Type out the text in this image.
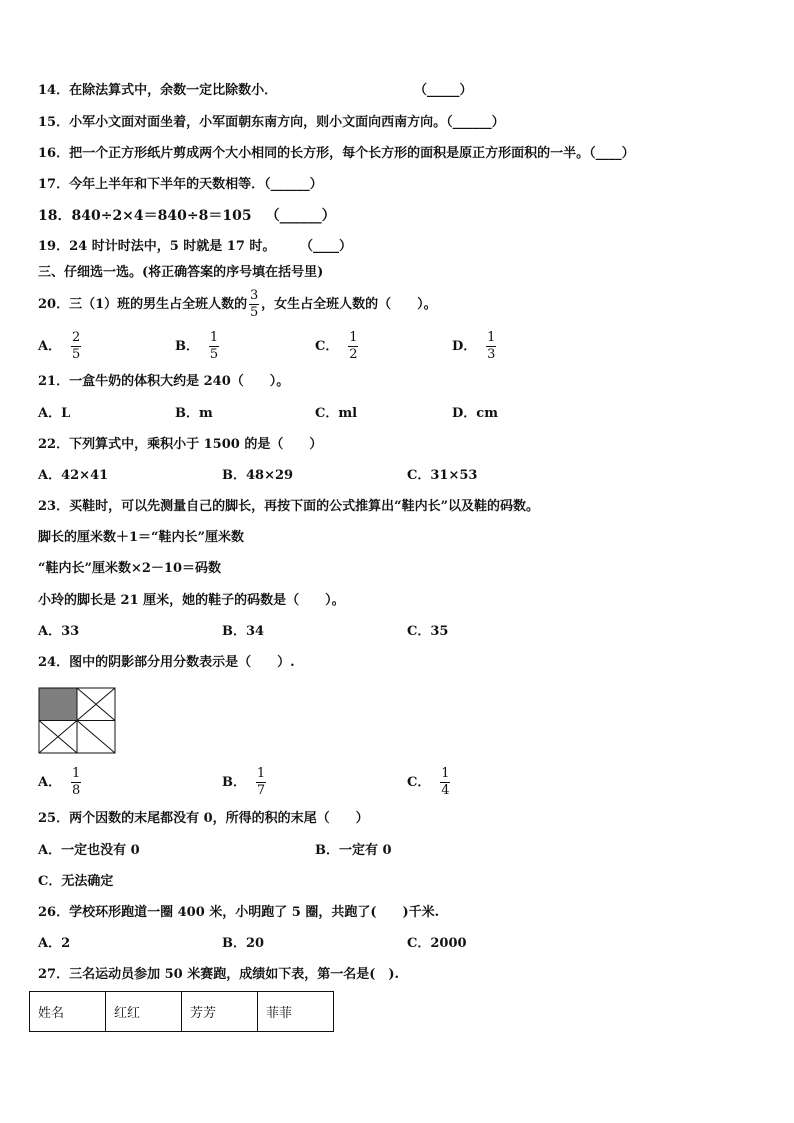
14．在除法算式中，余数一定比除数小．	（_____）
15．小军小文面对面坐着，小军面朝东南方向，则小文面向西南方向。（______）
16．把一个正方形纸片剪成两个大小相同的长方形，每个长方形的面积是原正方形面积的一半。（____）
17．今年上半年和下半年的天数相等．（______）
18．840÷2×4＝840÷8＝105 （______）
19．24 时计时法中，5 时就是 17 时。 （____）
三、仔细选一选。(将正确答案的序号填在括号里)
20．三（1）班的男生占全班人数的 $\frac{3}{5}$ ，女生占全班人数的（　　）。
A． $\frac{2}{5}$	B． $\frac{1}{5}$	C． $\frac{1}{2}$	D． $\frac{1}{3}$
21．一盒牛奶的体积大约是 240（　　）。
A．L	B．m	C．ml	D．cm
22．下列算式中，乘积小于 1500 的是（　　）
A．42×41	B．48×29	C．31×53
23．买鞋时，可以先测量自己的脚长，再按下面的公式推算出“鞋内长”以及鞋的码数。
脚长的厘米数＋1＝“鞋内长”厘米数
“鞋内长”厘米数×2－10＝码数
小玲的脚长是 21 厘米，她的鞋子的码数是（　　）。
A．33	B．34	C．35
24．图中的阴影部分用分数表示是（　　）.
A． $\frac{1}{8}$	B． $\frac{1}{7}$	C． $\frac{1}{4}$
25．两个因数的末尾都没有 0，所得的积的末尾（　　）
A．一定也没有 0	B．一定有 0
C．无法确定
26．学校环形跑道一圈 400 米，小明跑了 5 圈，共跑了(　　)千米.
A．2	B．20	C．2000
27．三名运动员参加 50 米赛跑，成绩如下表，第一名是(　).
姓名	红红	芳芳	菲菲
